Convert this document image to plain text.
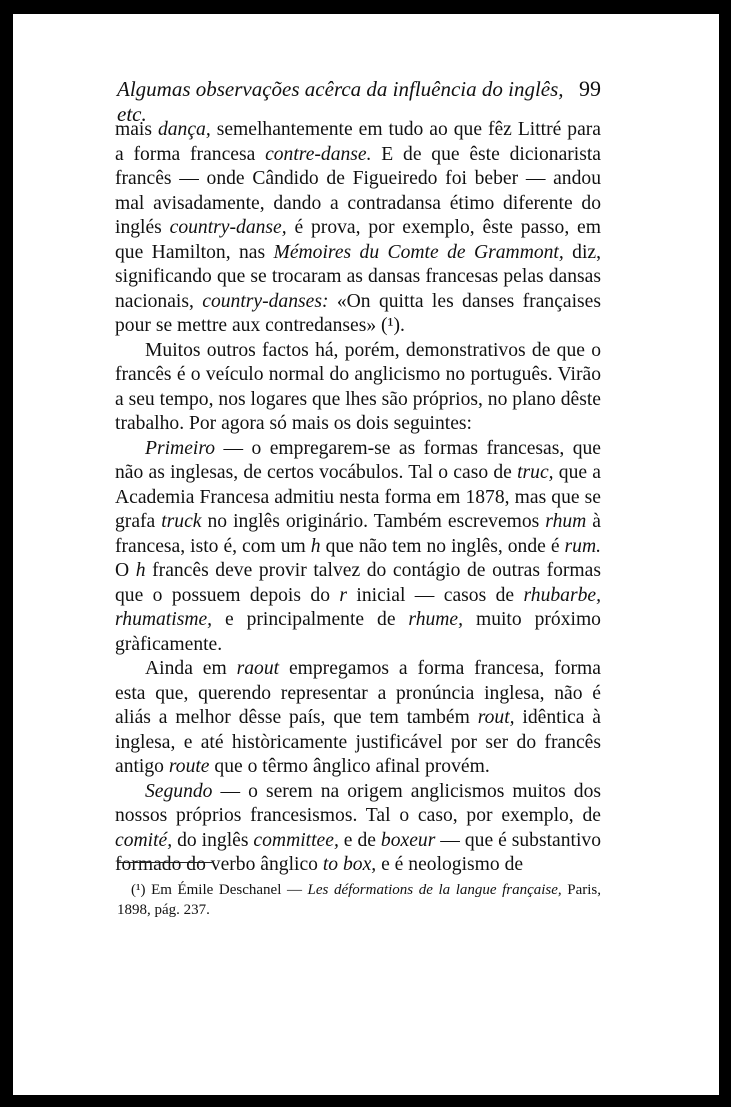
Algumas observações acêrca da influência do inglês, etc.
99

mais dança, semelhantemente em tudo ao que fêz Littré para a forma francesa contre-danse. E de que êste dicionarista francês — onde Cândido de Figueiredo foi beber — andou mal avisadamente, dando a contradansa étimo diferente do inglés country-danse, é prova, por exemplo, êste passo, em que Hamilton, nas Mémoires du Comte de Grammont, diz, significando que se trocaram as dansas francesas pelas dansas nacionais, country-danses: «On quitta les danses françaises pour se mettre aux contredanses» (¹).

Muitos outros factos há, porém, demonstrativos de que o francês é o veículo normal do anglicismo no português. Virão a seu tempo, nos logares que lhes são próprios, no plano dêste trabalho. Por agora só mais os dois seguintes:

Primeiro — o empregarem-se as formas francesas, que não as inglesas, de certos vocábulos. Tal o caso de truc, que a Academia Francesa admitiu nesta forma em 1878, mas que se grafa truck no inglês originário. Também escrevemos rhum à francesa, isto é, com um h que não tem no inglês, onde é rum. O h francês deve provir talvez do contágio de outras formas que o possuem depois do r inicial — casos de rhubarbe, rhumatisme, e principalmente de rhume, muito próximo gràficamente.

Ainda em raout empregamos a forma francesa, forma esta que, querendo representar a pronúncia inglesa, não é aliás a melhor dêsse país, que tem também rout, idêntica à inglesa, e até històricamente justificável por ser do francês antigo route que o têrmo ânglico afinal provém.

Segundo — o serem na origem anglicismos muitos dos nossos próprios francesismos. Tal o caso, por exemplo, de comité, do inglês committee, e de boxeur — que é substantivo formado do verbo ânglico to box, e é neologismo de

(¹) Em Émile Deschanel — Les déformations de la langue française, Paris, 1898, pág. 237.
